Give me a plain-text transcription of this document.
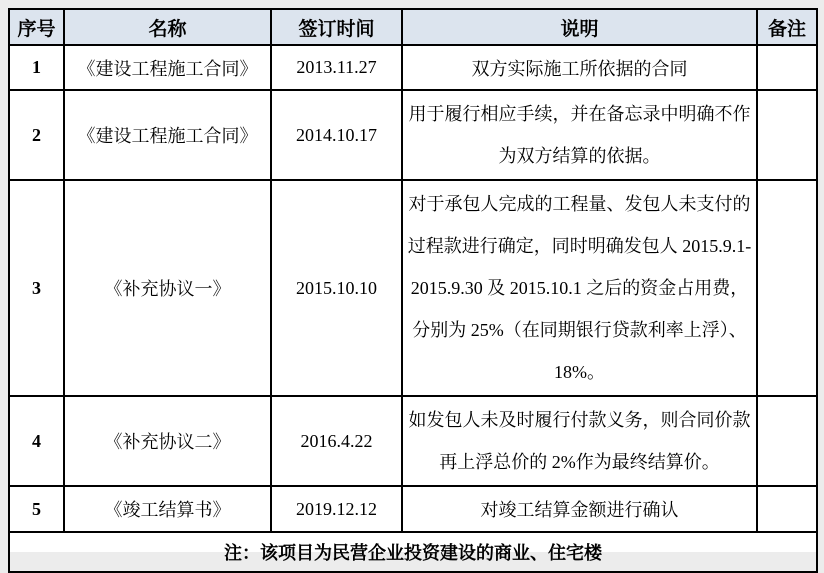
序号	名称	签订时间	说明	备注
1	《建设工程施工合同》	2013.11.27	双方实际施工所依据的合同	
2	《建设工程施工合同》	2014.10.17	用于履行相应手续，并在备忘录中明确不作为双方结算的依据。	
3	《补充协议一》	2015.10.10	对于承包人完成的工程量、发包人未支付的过程款进行确定，同时明确发包人 2015.9.1-2015.9.30 及 2015.10.1 之后的资金占用费，分别为 25%（在同期银行贷款利率上浮）、18%。	
4	《补充协议二》	2016.4.22	如发包人未及时履行付款义务，则合同价款再上浮总价的 2%作为最终结算价。	
5	《竣工结算书》	2019.12.12	对竣工结算金额进行确认	
注：该项目为民营企业投资建设的商业、住宅楼				
